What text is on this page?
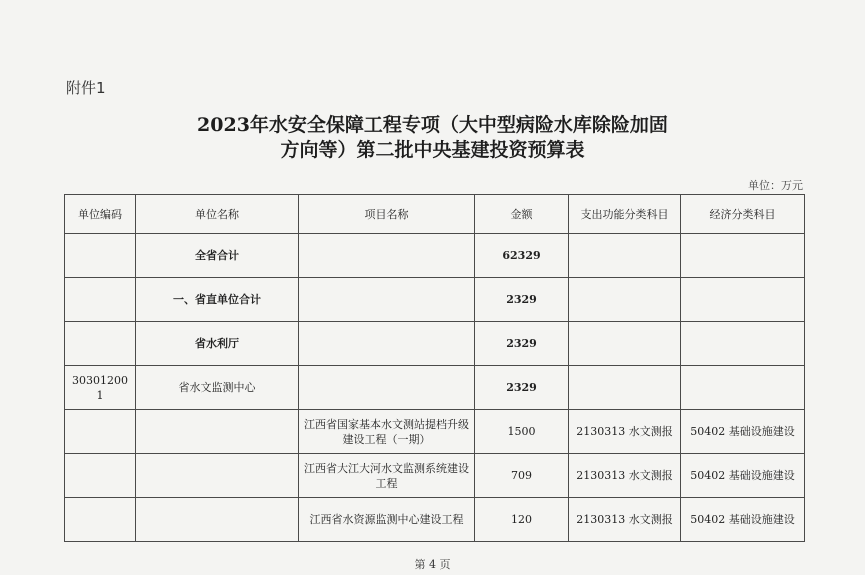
附件1
2023年水安全保障工程专项（大中型病险水库除险加固
方向等）第二批中央基建投资预算表
单位：万元
单位编码	单位名称	项目名称	金额	支出功能分类科目	经济分类科目
	全省合计		62329		
	一、省直单位合计		2329		
	省水利厅		2329		
303012001	省水文监测中心		2329		
		江西省国家基本水文测站提档升级建设工程（一期）	1500	2130313 水文测报	50402 基础设施建设
		江西省大江大河水文监测系统建设工程	709	2130313 水文测报	50402 基础设施建设
		江西省水资源监测中心建设工程	120	2130313 水文测报	50402 基础设施建设
第 4 页
